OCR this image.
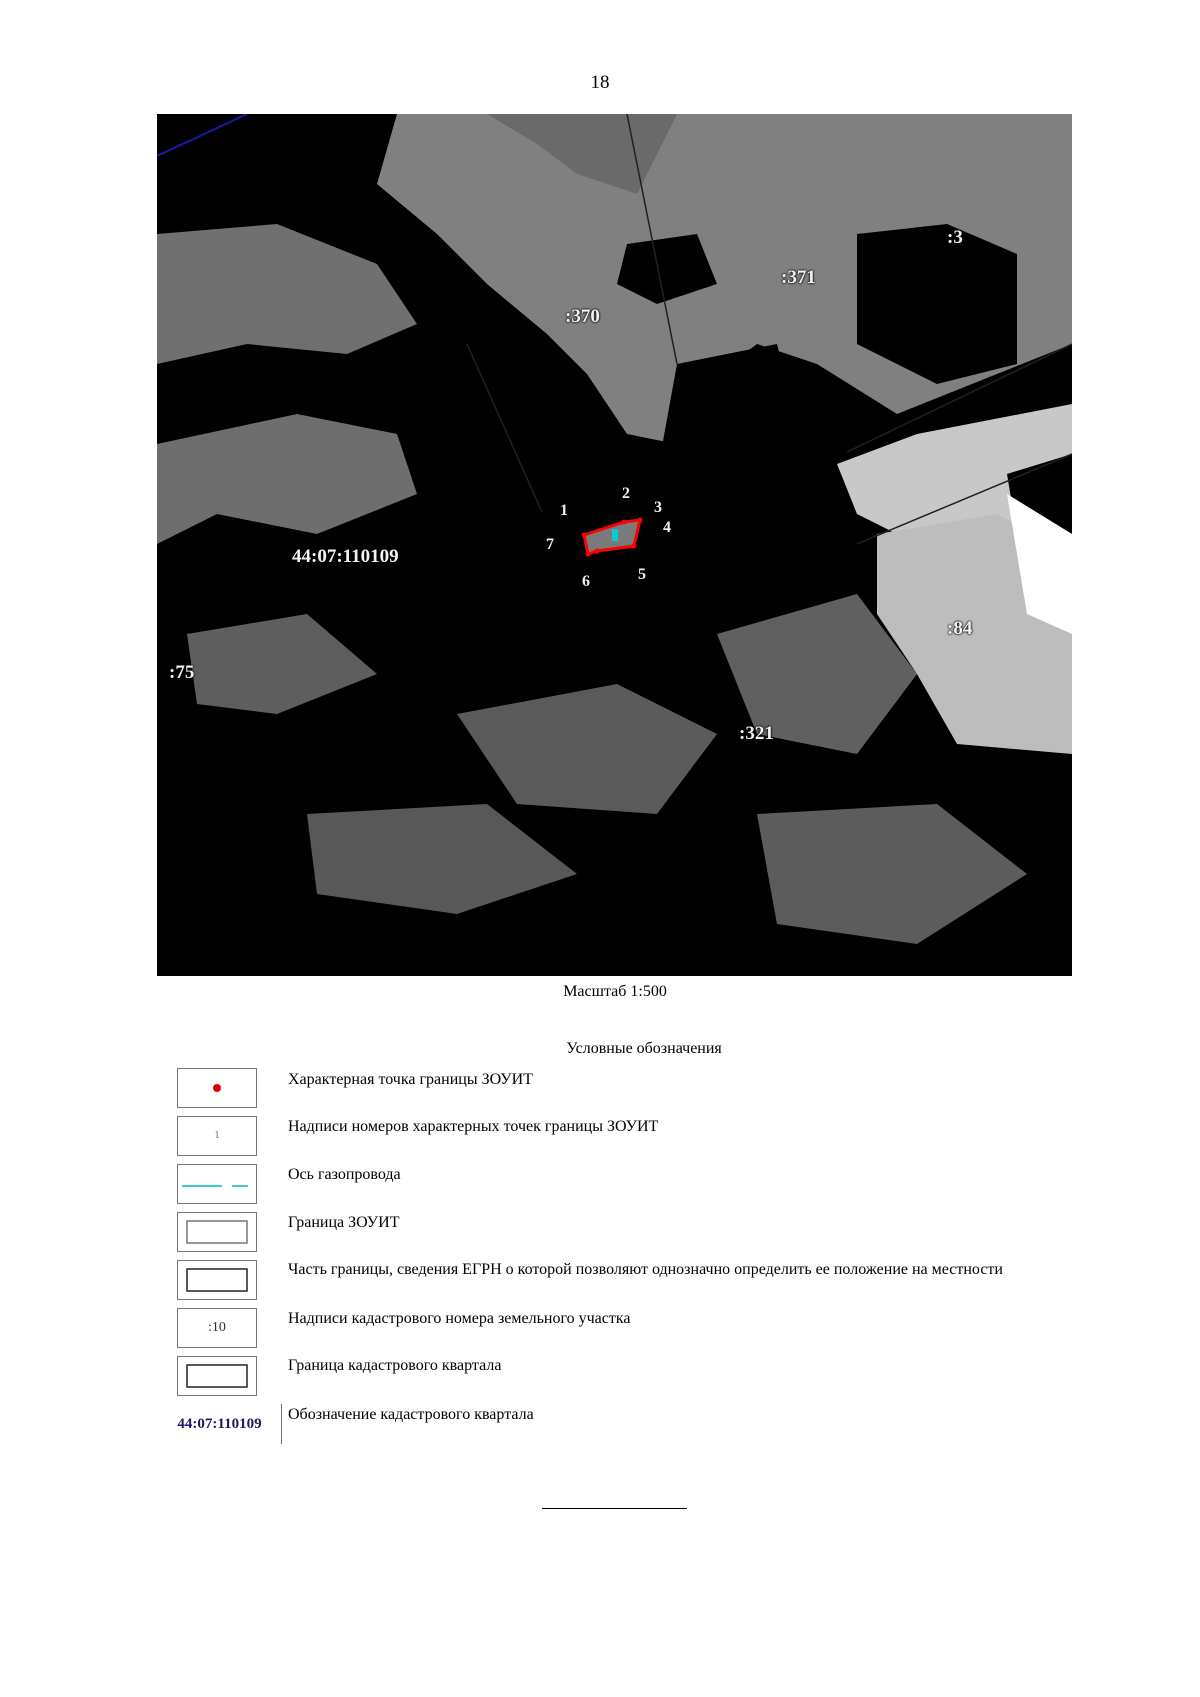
18
44:07:110109
:370
:371
:3
:75
:84
:321
1
2
3
4
5
6
7
Масштаб 1:500
Условные обозначения
Характерная точка границы ЗОУИТ
1
Надписи номеров характерных точек границы ЗОУИТ
Ось газопровода
Граница ЗОУИТ
Часть границы, сведения ЕГРН о которой позволяют однозначно определить ее положение на местности
:10
Надписи кадастрового номера земельного участка
Граница кадастрового квартала
44:07:110109
Обозначение кадастрового квартала
